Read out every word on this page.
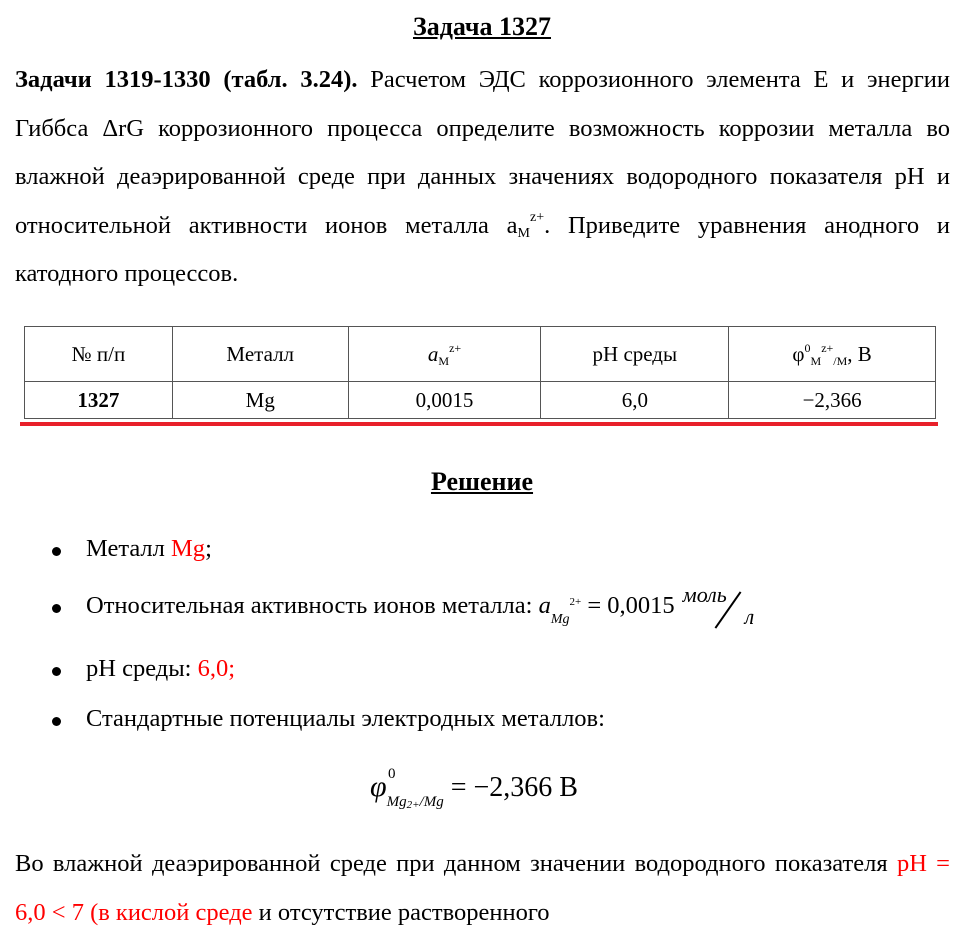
Задача 1327
Задачи 1319-1330 (табл. 3.24). Расчетом ЭДС коррозионного элемента Е и энергии Гиббса ΔrG коррозионного процесса определите возможность коррозии металла во влажной деаэрированной среде при данных значениях водородного показателя pH и относительной активности ионов металла $a_M^{z+}$. Приведите уравнения анодного и катодного процессов.
№ п/п	Металл	$a_M^{z+}$	pH среды	$\varphi^0_M^{z+}_{/M}$, В
1327	Mg	0,0015	6,0	−2,366
Решение
Металл Mg;
Относительная активность ионов металла: $a_{Mg}^{2+} = 0,0015$ моль
л
pH среды: 6,0;
Стандартные потенциалы электродных металлов:
φ 0
$_{Mg2+/Mg}$ = −2,366 В
Во влажной деаэрированной среде при данном значении водородного показателя pH = 6,0 < 7 (в кислой среде и отсутствие растворенного
